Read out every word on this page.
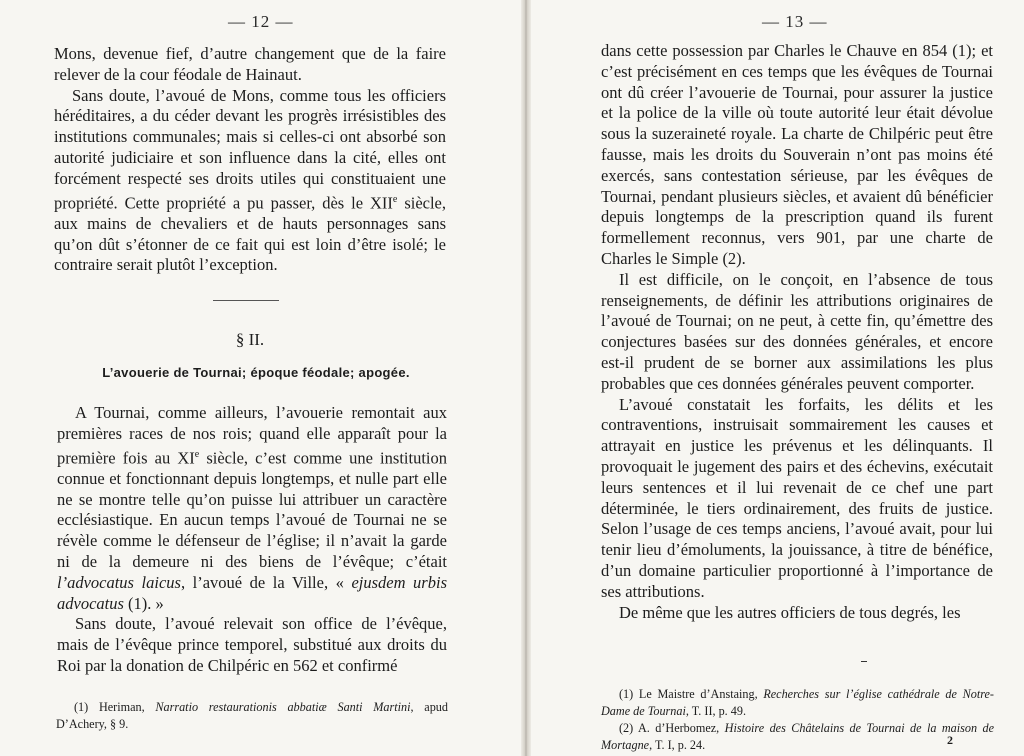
— 12 —

Mons, devenue fief, d’autre changement que de la faire relever de la cour féodale de Hainaut.

Sans doute, l’avoué de Mons, comme tous les officiers héréditaires, a du céder devant les progrès irrésistibles des institutions communales; mais si celles-ci ont absorbé son autorité judiciaire et son influence dans la cité, elles ont forcément respecté ses droits utiles qui constituaient une propriété. Cette propriété a pu passer, dès le XIIe siècle, aux mains de chevaliers et de hauts personnages sans qu’on dût s’étonner de ce fait qui est loin d’être isolé; le contraire serait plutôt l’exception.

§ II.
L’avouerie de Tournai; époque féodale; apogée.

A Tournai, comme ailleurs, l’avouerie remontait aux premières races de nos rois; quand elle apparaît pour la première fois au XIe siècle, c’est comme une institution connue et fonctionnant depuis longtemps, et nulle part elle ne se montre telle qu’on puisse lui attribuer un caractère ecclésiastique. En aucun temps l’avoué de Tournai ne se révèle comme le défenseur de l’église; il n’avait la garde ni de la demeure ni des biens de l’évêque; c’était l’advocatus laicus, l’avoué de la Ville, « ejusdem urbis advocatus (1). »

Sans doute, l’avoué relevait son office de l’évêque, mais de l’évêque prince temporel, substitué aux droits du Roi par la donation de Chilpéric en 562 et confirmé

(1) Heriman, Narratio restaurationis abbatiæ Santi Martini, apud D’Achery, § 9.

— 13 —

dans cette possession par Charles le Chauve en 854 (1); et c’est précisément en ces temps que les évêques de Tournai ont dû créer l’avouerie de Tournai, pour assurer la justice et la police de la ville où toute autorité leur était dévolue sous la suzeraineté royale. La charte de Chilpéric peut être fausse, mais les droits du Souverain n’ont pas moins été exercés, sans contestation sérieuse, par les évêques de Tournai, pendant plusieurs siècles, et avaient dû bénéficier depuis longtemps de la prescription quand ils furent formellement reconnus, vers 901, par une charte de Charles le Simple (2).

Il est difficile, on le conçoit, en l’absence de tous renseignements, de définir les attributions originaires de l’avoué de Tournai; on ne peut, à cette fin, qu’émettre des conjectures basées sur des données générales, et encore est-il prudent de se borner aux assimilations les plus probables que ces données générales peuvent comporter.

L’avoué constatait les forfaits, les délits et les contraventions, instruisait sommairement les causes et attrayait en justice les prévenus et les délinquants. Il provoquait le jugement des pairs et des échevins, exécutait leurs sentences et il lui revenait de ce chef une part déterminée, le tiers ordinairement, des fruits de justice. Selon l’usage de ces temps anciens, l’avoué avait, pour lui tenir lieu d’émoluments, la jouissance, à titre de bénéfice, d’un domaine particulier proportionné à l’importance de ses attributions.

De même que les autres officiers de tous degrés, les

(1) Le Maistre d’Anstaing, Recherches sur l’église cathédrale de Notre-Dame de Tournai, T. II, p. 49.

(2) A. d’Herbomez, Histoire des Châtelains de Tournai de la maison de Mortagne, T. I, p. 24.	2
